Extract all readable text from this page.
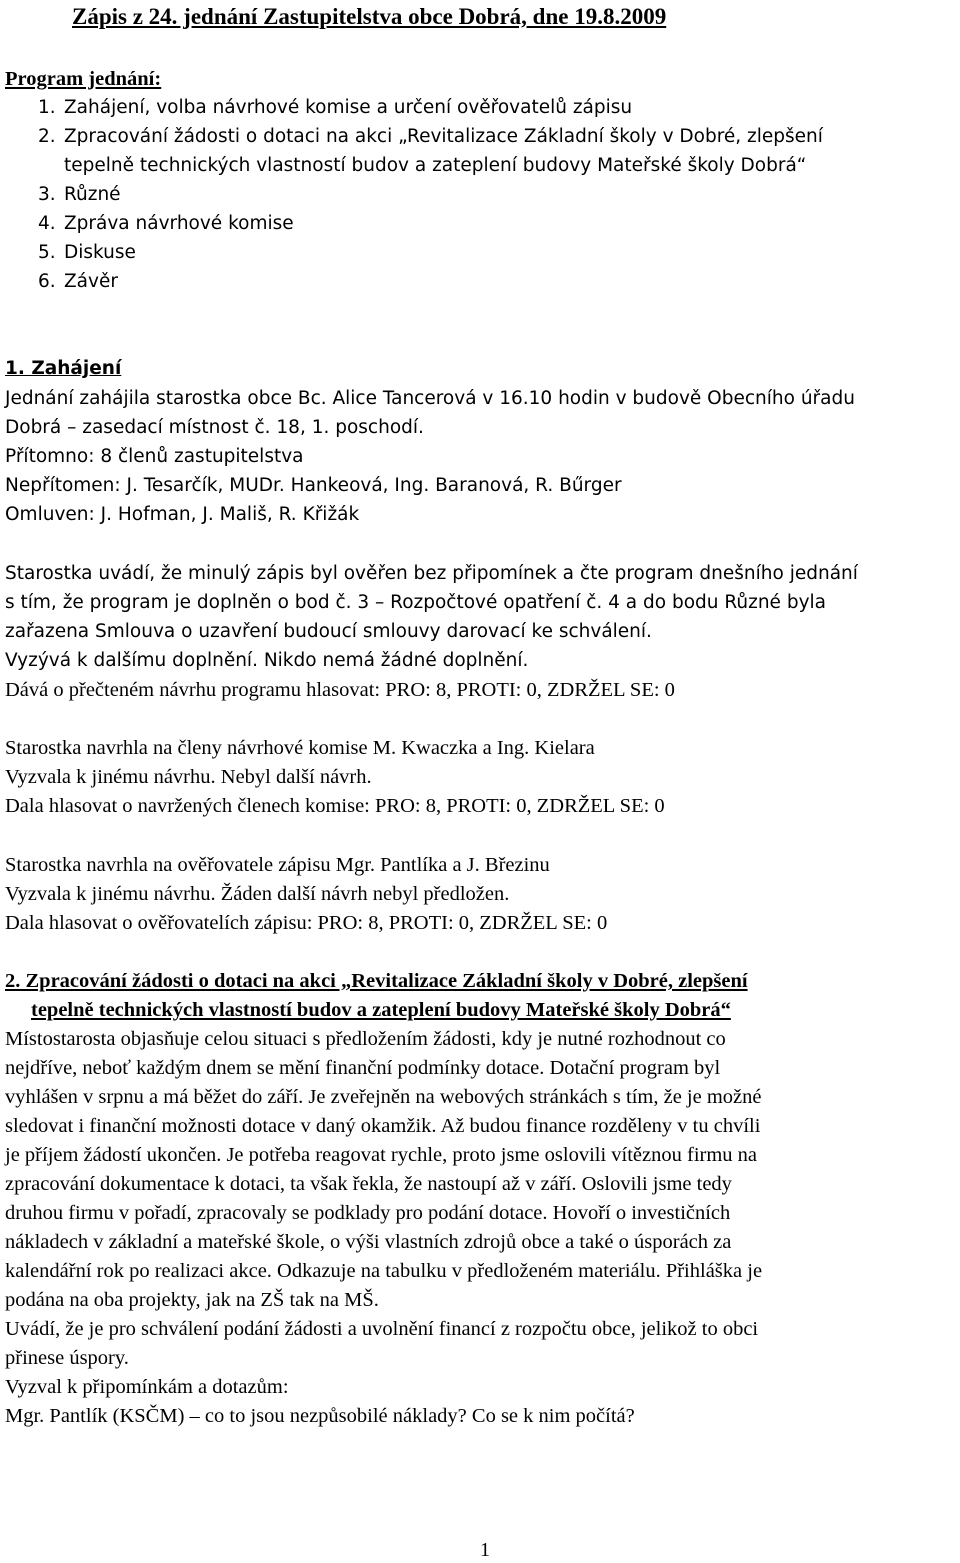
Zápis z 24. jednání Zastupitelstva obce Dobrá, dne 19.8.2009
Program jednání:
1. Zahájení, volba návrhové komise a určení ověřovatelů zápisu
2. Zpracování žádosti o dotaci na akci „Revitalizace Základní školy v Dobré, zlepšení
tepelně technických vlastností budov a zateplení budovy Mateřské školy Dobrá“
3. Různé
4. Zpráva návrhové komise
5. Diskuse
6. Závěr
1. Zahájení
Jednání zahájila starostka obce Bc. Alice Tancerová v 16.10 hodin v budově Obecního úřadu
Dobrá – zasedací místnost č. 18, 1. poschodí.
Přítomno: 8 členů zastupitelstva
Nepřítomen: J. Tesarčík, MUDr. Hankeová, Ing. Baranová, R. Bűrger
Omluven: J. Hofman, J. Mališ, R. Křižák
Starostka uvádí, že minulý zápis byl ověřen bez připomínek a čte program dnešního jednání
s tím, že program je doplněn o bod č. 3 – Rozpočtové opatření č. 4 a do bodu Různé byla
zařazena Smlouva o uzavření budoucí smlouvy darovací ke schválení.
Vyzývá k dalšímu doplnění. Nikdo nemá žádné doplnění.
Dává o přečteném návrhu programu hlasovat: PRO: 8, PROTI: 0, ZDRŽEL SE: 0
Starostka navrhla na členy návrhové komise M. Kwaczka a Ing. Kielara
Vyzvala k jinému návrhu. Nebyl další návrh.
Dala hlasovat o navržených členech komise: PRO: 8, PROTI: 0, ZDRŽEL SE: 0
Starostka navrhla na ověřovatele zápisu Mgr. Pantlíka a J. Březinu
Vyzvala k jinému návrhu. Žáden další návrh nebyl předložen.
Dala hlasovat o ověřovatelích zápisu: PRO: 8, PROTI: 0, ZDRŽEL SE: 0
2. Zpracování žádosti o dotaci na akci „Revitalizace Základní školy v Dobré, zlepšení
tepelně technických vlastností budov a zateplení budovy Mateřské školy Dobrá“
Místostarosta objasňuje celou situaci s předložením žádosti, kdy je nutné rozhodnout co
nejdříve, neboť každým dnem se mění finanční podmínky dotace. Dotační program byl
vyhlášen v srpnu a má běžet do září. Je zveřejněn na webových stránkách s tím, že je možné
sledovat i finanční možnosti dotace v daný okamžik. Až budou finance rozděleny v tu chvíli
je příjem žádostí ukončen. Je potřeba reagovat rychle, proto jsme oslovili vítěznou firmu na
zpracování dokumentace k dotaci, ta však řekla, že nastoupí až v září. Oslovili jsme tedy
druhou firmu v pořadí, zpracovaly se podklady pro podání dotace. Hovoří o investičních
nákladech v základní a mateřské škole, o výši vlastních zdrojů obce a také o úsporách za
kalendářní rok po realizaci akce. Odkazuje na tabulku v předloženém materiálu. Přihláška je
podána na oba projekty, jak na ZŠ tak na MŠ.
Uvádí, že je pro schválení podání žádosti a uvolnění financí z rozpočtu obce, jelikož to obci
přinese úspory.
Vyzval k připomínkám a dotazům:
Mgr. Pantlík (KSČM) – co to jsou nezpůsobilé náklady? Co se k nim počítá?
1
